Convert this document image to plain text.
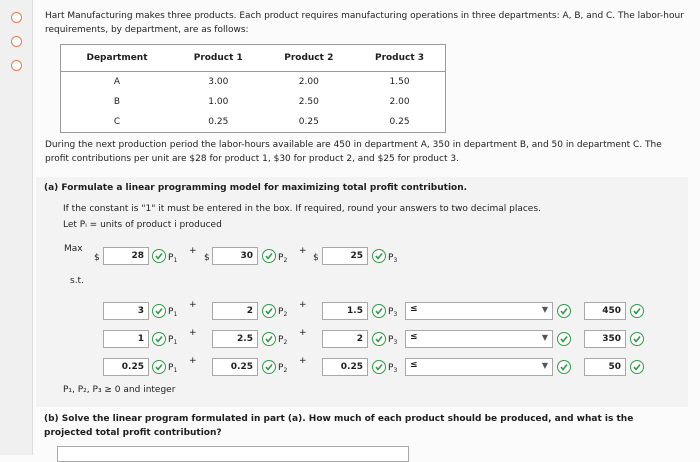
Hart Manufacturing makes three products. Each product requires manufacturing operations in three departments: A, B, and C. The labor-hour requirements, by department, are as follows:
Department	Product 1	Product 2	Product 3
A	3.00	2.00	1.50
B	1.00	2.50	2.00
C	0.25	0.25	0.25
During the next production period the labor-hours available are 450 in department A, 350 in department B, and 50 in department C. The profit contributions per unit are $28 for product 1, $30 for product 2, and $25 for product 3.
(a) Formulate a linear programming model for maximizing total profit contribution.
If the constant is "1" it must be entered in the box. If required, round your answers to two decimal places.
Let Pᵢ = units of product i produced
Max
$	28	$P_1$
+
$	30	$P_2$
+
$	25	$P_3$
s.t.
3	$P_1$
+
2	$P_2$
+
1.5	$P_3$
≤	▼	450
1	$P_1$
+
2.5	$P_2$
+
2	$P_3$
≤	▼	350
0.25	$P_1$
+
0.25	$P_2$
+
0.25	$P_3$
≤	▼	50
P₁, P₂, P₃ ≥ 0 and integer
(b) Solve the linear program formulated in part (a). How much of each product should be produced, and what is the projected total profit contribution?
